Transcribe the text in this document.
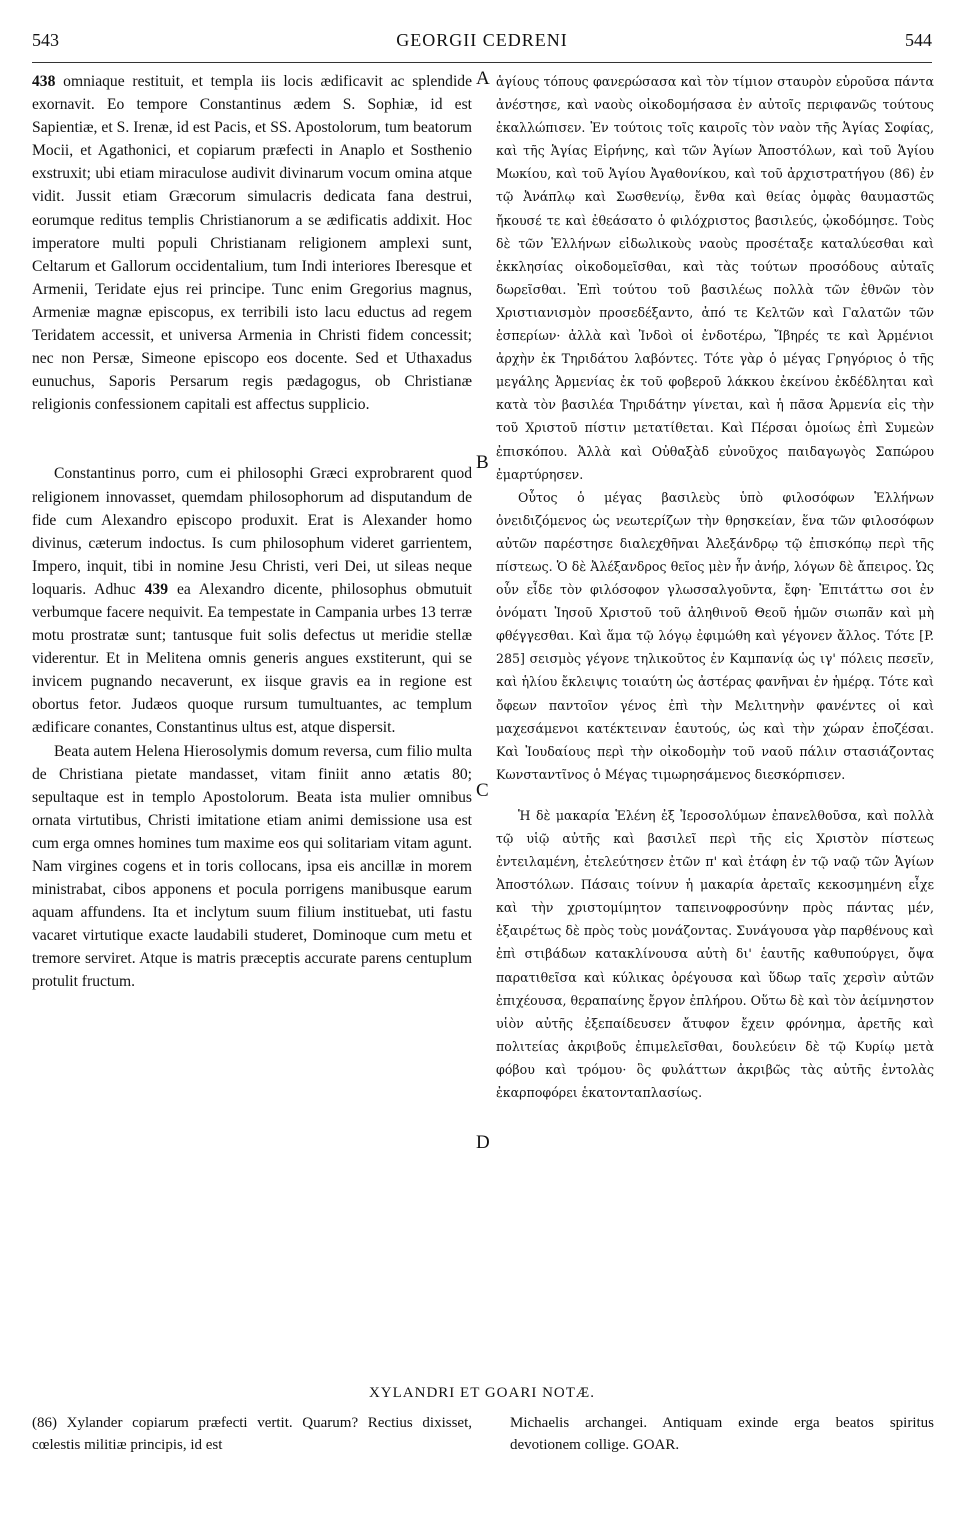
543	GEORGII CEDRENI	544

438 omniaque restituit, et templa iis locis ædificavit ac splendide exornavit. Eo tempore Constantinus ædem S. Sophiæ, id est Sapientiæ, et S. Irenæ, id est Pacis, et SS. Apostolorum, tum beatorum Mocii, et Agathonici, et copiarum præfecti in Anaplo et Sosthenio exstruxit; ubi etiam miraculose audivit divinarum vocum omina atque vidit. Jussit etiam Græcorum simulacris dedicata fana destrui, eorumque reditus templis Christianorum a se ædificatis addixit. Hoc imperatore multi populi Christianam religionem amplexi sunt, Celtarum et Gallorum occidentalium, tum Indi interiores Iberesque et Armenii, Teridate ejus rei principe. Tunc enim Gregorius magnus, Armeniæ magnæ episcopus, ex terribili isto lacu eductus ad regem Teridatem accessit, et universa Armenia in Christi fidem concessit; nec non Persæ, Simeone episcopo eos docente. Sed et Uthaxadus eunuchus, Saporis Persarum regis pædagogus, ob Christianæ religionis confessionem capitali est affectus supplicio.

Constantinus porro, cum ei philosophi Græci exprobrarent quod religionem innovasset, quemdam philosophorum ad disputandum de fide cum Alexandro episcopo produxit. Erat is Alexander homo divinus, cæterum indoctus. Is cum philosophum videret garrientem, Impero, inquit, tibi in nomine Jesu Christi, veri Dei, ut sileas neque loquaris. Adhuc 439 ea Alexandro dicente, philosophus obmutuit verbumque facere nequivit. Ea tempestate in Campania urbes 13 terræ motu prostratæ sunt; tantusque fuit solis defectus ut meridie stellæ viderentur. Et in Melitena omnis generis angues exstiterunt, qui se invicem pugnando necaverunt, ex iisque gravis ea in regione est obortus fetor. Judæos quoque rursum tumultuantes, ac templum ædificare conantes, Constantinus ultus est, atque dispersit.

Beata autem Helena Hierosolymis domum reversa, cum filio multa de Christiana pietate mandasset, vitam finiit anno ætatis 80; sepultaque est in templo Apostolorum. Beata ista mulier omnibus ornata virtutibus, Christi imitatione etiam animi demissione usa est cum erga omnes homines tum maxime eos qui solitariam vitam agunt. Nam virgines cogens et in toris collocans, ipsa eis ancillæ in morem ministrabat, cibos apponens et pocula porrigens manibusque earum aquam affundens. Ita et inclytum suum filium instituebat, uti fastu vacaret virtutique exacte laudabili studeret, Dominoque cum metu et tremore serviret. Atque is matris præceptis accurate parens centuplum protulit fructum.

A
B
C
D

ἁγίους τόπους φανερώσασα καὶ τὸν τίμιον σταυρὸν εὑροῦσα πάντα ἀνέστησε, καὶ ναοὺς οἰκοδομήσασα ἐν αὐτοῖς περιφανῶς τούτους ἐκαλλώπισεν. Ἐν τούτοις τοῖς καιροῖς τὸν ναὸν τῆς Ἁγίας Σοφίας, καὶ τῆς Ἁγίας Εἰρήνης, καὶ τῶν Ἁγίων Ἀποστόλων, καὶ τοῦ Ἁγίου Μωκίου, καὶ τοῦ Ἁγίου Ἀγαθονίκου, καὶ τοῦ ἀρχιστρατήγου (86) ἐν τῷ Ἀνάπλῳ καὶ Σωσθενίῳ, ἔνθα καὶ θείας ὀμφὰς θαυμαστῶς ἤκουσέ τε καὶ ἐθεάσατο ὁ φιλόχριστος βασιλεύς, ᾠκοδόμησε. Τοὺς δὲ τῶν Ἑλλήνων εἰδωλικοὺς ναοὺς προσέταξε καταλύεσθαι καὶ ἐκκλησίας οἰκοδομεῖσθαι, καὶ τὰς τούτων προσόδους αὐταῖς δωρεῖσθαι. Ἐπὶ τούτου τοῦ βασιλέως πολλὰ τῶν ἐθνῶν τὸν Χριστιανισμὸν προσεδέξαντο, ἀπό τε Κελτῶν καὶ Γαλατῶν τῶν ἑσπερίων· ἀλλὰ καὶ Ἰνδοὶ οἱ ἐνδοτέρω, Ἴβηρές τε καὶ Ἀρμένιοι ἀρχὴν ἐκ Τηριδάτου λαβόντες. Τότε γὰρ ὁ μέγας Γρηγόριος ὁ τῆς μεγάλης Ἀρμενίας ἐκ τοῦ φοβεροῦ λάκκου ἐκείνου ἐκδέδληται καὶ κατὰ τὸν βασιλέα Τηριδάτην γίνεται, καὶ ἡ πᾶσα Ἀρμενία εἰς τὴν τοῦ Χριστοῦ πίστιν μετατίθεται. Καὶ Πέρσαι ὁμοίως ἐπὶ Συμεὼν ἐπισκόπου. Ἀλλὰ καὶ Οὐθαξὰδ εὐνοῦχος παιδαγωγὸς Σαπώρου ἐμαρτύρησεν.

Οὗτος ὁ μέγας βασιλεὺς ὑπὸ φιλοσόφων Ἑλλήνων ὀνειδιζόμενος ὡς νεωτερίζων τὴν θρησκείαν, ἕνα τῶν φιλοσόφων αὐτῶν παρέστησε διαλεχθῆναι Ἀλεξάνδρῳ τῷ ἐπισκόπῳ περὶ τῆς πίστεως. Ὁ δὲ Ἀλέξανδρος θεῖος μὲν ἦν ἀνήρ, λόγων δὲ ἄπειρος. Ὡς οὖν εἶδε τὸν φιλόσοφον γλωσσαλγοῦντα, ἔφη· Ἐπιτάττω σοι ἐν ὀνόματι Ἰησοῦ Χριστοῦ τοῦ ἀληθινοῦ Θεοῦ ἡμῶν σιωπᾶν καὶ μὴ φθέγγεσθαι. Καὶ ἅμα τῷ λόγῳ ἐφιμώθη καὶ γέγονεν ἄλλος. Τότε [P. 285] σεισμὸς γέγονε τηλικοῦτος ἐν Καμπανίᾳ ὡς ιγ' πόλεις πεσεῖν, καὶ ἡλίου ἔκλειψις τοιαύτη ὡς ἀστέρας φανῆναι ἐν ἡμέρᾳ. Τότε καὶ ὄφεων παντοῖον γένος ἐπὶ τὴν Μελιτηνὴν φανέντες οἱ καὶ μαχεσάμενοι κατέκτειναν ἑαυτούς, ὡς καὶ τὴν χώραν ἐποζέσαι. Καὶ Ἰουδαίους περὶ τὴν οἰκοδομὴν τοῦ ναοῦ πάλιν στασιάζοντας Κωνσταντῖνος ὁ Μέγας τιμωρησάμενος διεσκόρπισεν.

Ἡ δὲ μακαρία Ἑλένη ἐξ Ἱεροσολύμων ἐπανελθοῦσα, καὶ πολλὰ τῷ υἱῷ αὐτῆς καὶ βασιλεῖ περὶ τῆς εἰς Χριστὸν πίστεως ἐντειλαμένη, ἐτελεύτησεν ἐτῶν π' καὶ ἐτάφη ἐν τῷ ναῷ τῶν Ἁγίων Ἀποστόλων. Πάσαις τοίνυν ἡ μακαρία ἀρεταῖς κεκοσμημένη εἶχε καὶ τὴν χριστομίμητον ταπεινοφροσύνην πρὸς πάντας μέν, ἐξαιρέτως δὲ πρὸς τοὺς μονάζοντας. Συνάγουσα γὰρ παρθένους καὶ ἐπὶ στιβάδων κατακλίνουσα αὐτὴ δι' ἑαυτῆς καθυπούργει, ὄψα παρατιθεῖσα καὶ κύλικας ὀρέγουσα καὶ ὕδωρ ταῖς χερσὶν αὐτῶν ἐπιχέουσα, θεραπαίνης ἔργον ἐπλήρου. Οὕτω δὲ καὶ τὸν ἀείμνηστον υἱὸν αὐτῆς ἐξεπαίδευσεν ἄτυφον ἔχειν φρόνημα, ἀρετῆς καὶ πολιτείας ἀκριβοῦς ἐπιμελεῖσθαι, δουλεύειν δὲ τῷ Κυρίῳ μετὰ φόβου καὶ τρόμου· ὃς φυλάττων ἀκριβῶς τὰς αὐτῆς ἐντολὰς ἐκαρποφόρει ἑκατονταπλασίως.

XYLANDRI ET GOARI NOTÆ.
(86) Xylander copiarum præfecti vertit. Quarum? Rectius dixisset, cœlestis militiæ principis, id est
Michaelis archangei. Antiquam exinde erga beatos spiritus devotionem collige. GOAR.
